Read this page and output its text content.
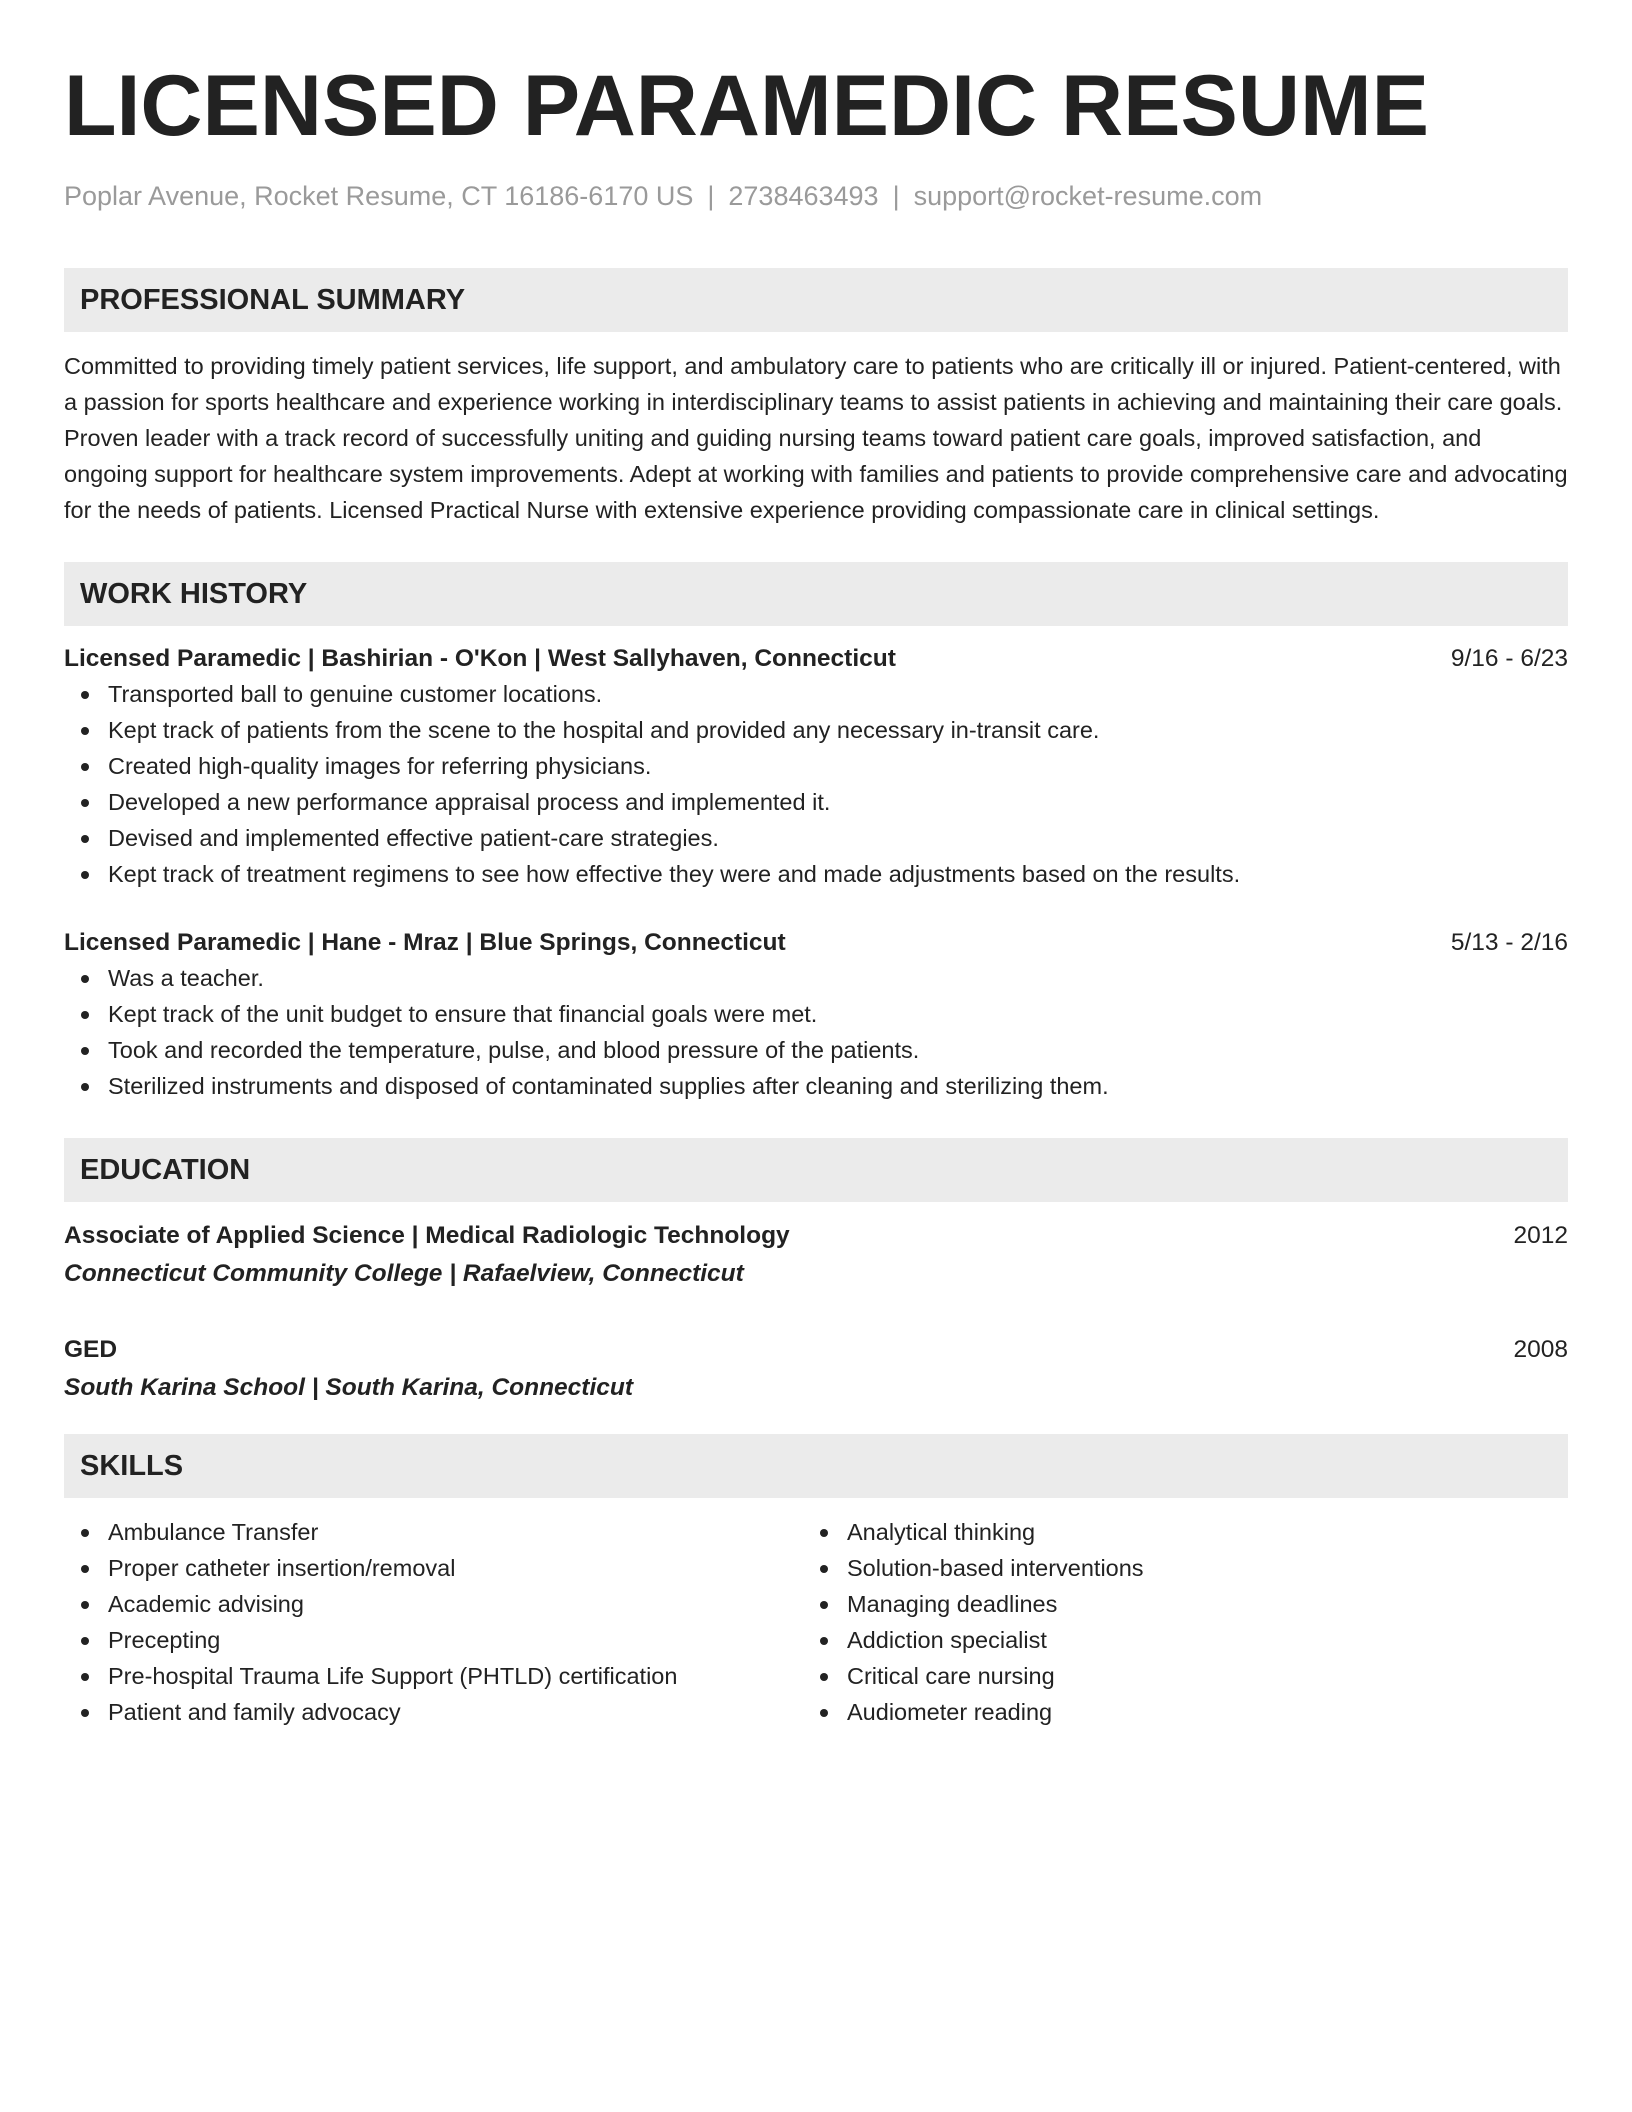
LICENSED PARAMEDIC RESUME
Poplar Avenue, Rocket Resume, CT 16186-6170 US | 2738463493 | support@rocket-resume.com
PROFESSIONAL SUMMARY
Committed to providing timely patient services, life support, and ambulatory care to patients who are critically ill or injured. Patient-centered, with a passion for sports healthcare and experience working in interdisciplinary teams to assist patients in achieving and maintaining their care goals. Proven leader with a track record of successfully uniting and guiding nursing teams toward patient care goals, improved satisfaction, and ongoing support for healthcare system improvements. Adept at working with families and patients to provide comprehensive care and advocating for the needs of patients. Licensed Practical Nurse with extensive experience providing compassionate care in clinical settings.
WORK HISTORY
Licensed Paramedic | Bashirian - O'Kon | West Sallyhaven, Connecticut	9/16 - 6/23
Transported ball to genuine customer locations.
Kept track of patients from the scene to the hospital and provided any necessary in-transit care.
Created high-quality images for referring physicians.
Developed a new performance appraisal process and implemented it.
Devised and implemented effective patient-care strategies.
Kept track of treatment regimens to see how effective they were and made adjustments based on the results.
Licensed Paramedic | Hane - Mraz | Blue Springs, Connecticut	5/13 - 2/16
Was a teacher.
Kept track of the unit budget to ensure that financial goals were met.
Took and recorded the temperature, pulse, and blood pressure of the patients.
Sterilized instruments and disposed of contaminated supplies after cleaning and sterilizing them.
EDUCATION
Associate of Applied Science | Medical Radiologic Technology	2012
Connecticut Community College | Rafaelview, Connecticut
GED	2008
South Karina School | South Karina, Connecticut
SKILLS
Ambulance Transfer
Proper catheter insertion/removal
Academic advising
Precepting
Pre-hospital Trauma Life Support (PHTLD) certification
Patient and family advocacy
Analytical thinking
Solution-based interventions
Managing deadlines
Addiction specialist
Critical care nursing
Audiometer reading
